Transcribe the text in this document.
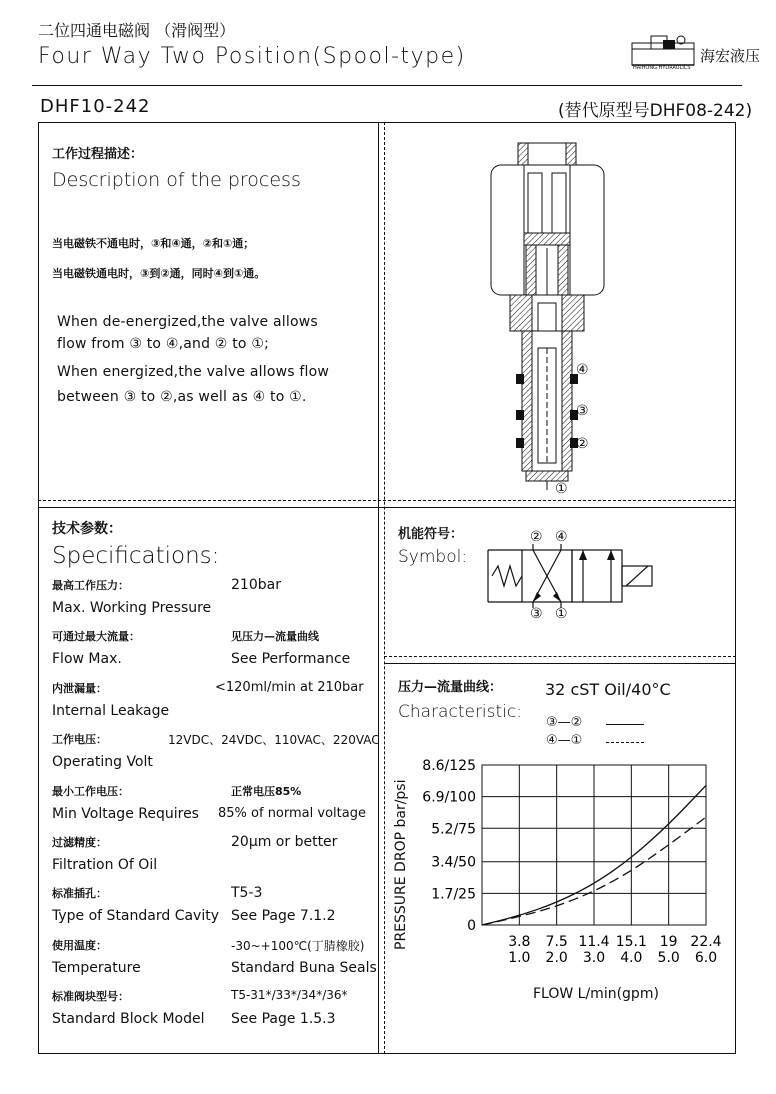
二位四通电磁阀 （滑阀型）
Four Way Two Position(Spool-type)	HAIHONG HYDRAULICS
海宏液压
DHF10-242	(替代原型号DHF08-242)
工作过程描述：
Description of the process
当电磁铁不通电时，③和④通，②和①通；
当电磁铁通电时，③到②通，同时④到①通。
When de-energized,the valve allows
flow from ③ to ④,and ② to ①;
When energized,the valve allows flow
between ③ to ②,as well as ④ to ①.
④
③
②
①
技术参数：
Specifications:
最高工作压力：
Max. Working Pressure
210bar
可通过最大流量：
Flow Max.
见压力—流量曲线
See Performance
内泄漏量：
Internal Leakage
<120ml/min at 210bar
工作电压：
Operating Volt
12VDC、24VDC、110VAC、220VAC
最小工作电压：
Min Voltage Requires
正常电压85%
85% of normal voltage
过滤精度：
Filtration Of Oil
20μm or better
标准插孔：
Type of Standard Cavity
T5-3
See Page 7.1.2
使用温度：
Temperature
-30~+100℃(丁腈橡胶)
Standard Buna Seals
标准阀块型号：
Standard Block Model
T5-31*/33*/34*/36*
See Page 1.5.3
机能符号：
Symbol:
② ④
③ ①
压力—流量曲线：
Characteristic:
32 cST Oil/40°C
③—②
④—①
0
1.7/25
3.4/50
5.2/75
6.9/100
8.6/125
3.8
1.0
7.5
2.0
11.4
3.0
15.1
4.0
19
5.0
22.4
6.0
PRESSURE DROP bar/psi
FLOW L/min(gpm)
